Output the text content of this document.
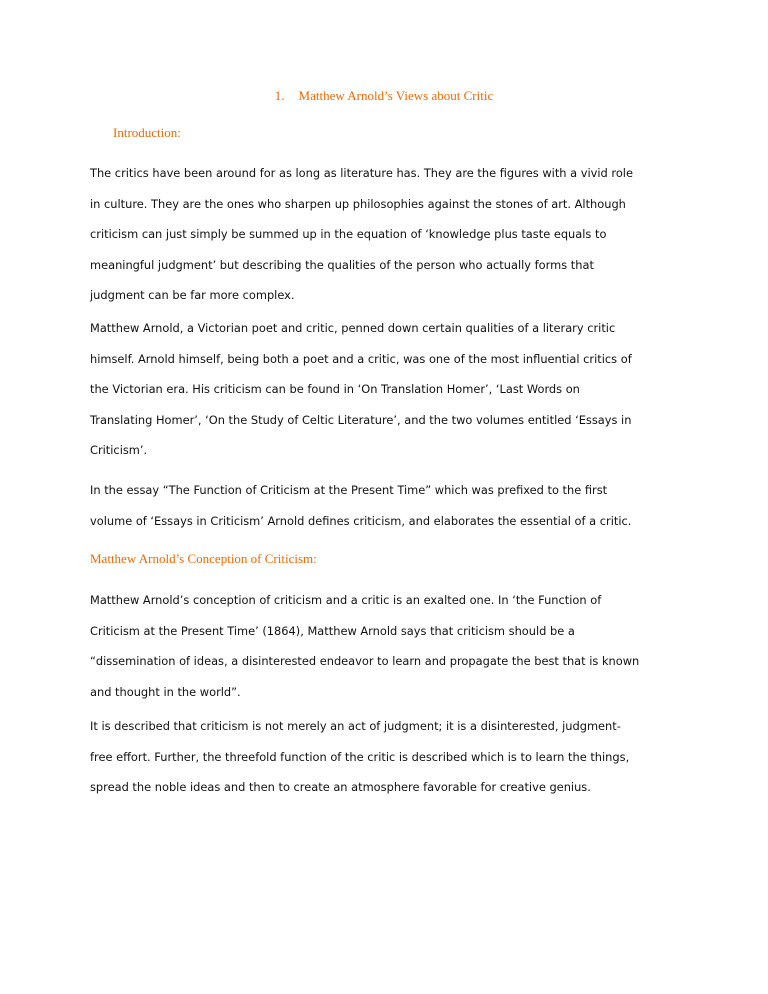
1. Matthew Arnold’s Views about Critic
Introduction:

The critics have been around for as long as literature has. They are the figures with a vivid role
in culture. They are the ones who sharpen up philosophies against the stones of art. Although
criticism can just simply be summed up in the equation of ‘knowledge plus taste equals to
meaningful judgment’ but describing the qualities of the person who actually forms that
judgment can be far more complex.

Matthew Arnold, a Victorian poet and critic, penned down certain qualities of a literary critic
himself. Arnold himself, being both a poet and a critic, was one of the most influential critics of
the Victorian era. His criticism can be found in ‘On Translation Homer’, ‘Last Words on
Translating Homer’, ‘On the Study of Celtic Literature’, and the two volumes entitled ‘Essays in
Criticism’.

In the essay “The Function of Criticism at the Present Time” which was prefixed to the first
volume of ‘Essays in Criticism’ Arnold defines criticism, and elaborates the essential of a critic.

Matthew Arnold’s Conception of Criticism:

Matthew Arnold’s conception of criticism and a critic is an exalted one. In ‘the Function of
Criticism at the Present Time’ (1864), Matthew Arnold says that criticism should be a
“dissemination of ideas, a disinterested endeavor to learn and propagate the best that is known
and thought in the world”.

It is described that criticism is not merely an act of judgment; it is a disinterested, judgment-
free effort. Further, the threefold function of the critic is described which is to learn the things,
spread the noble ideas and then to create an atmosphere favorable for creative genius.
